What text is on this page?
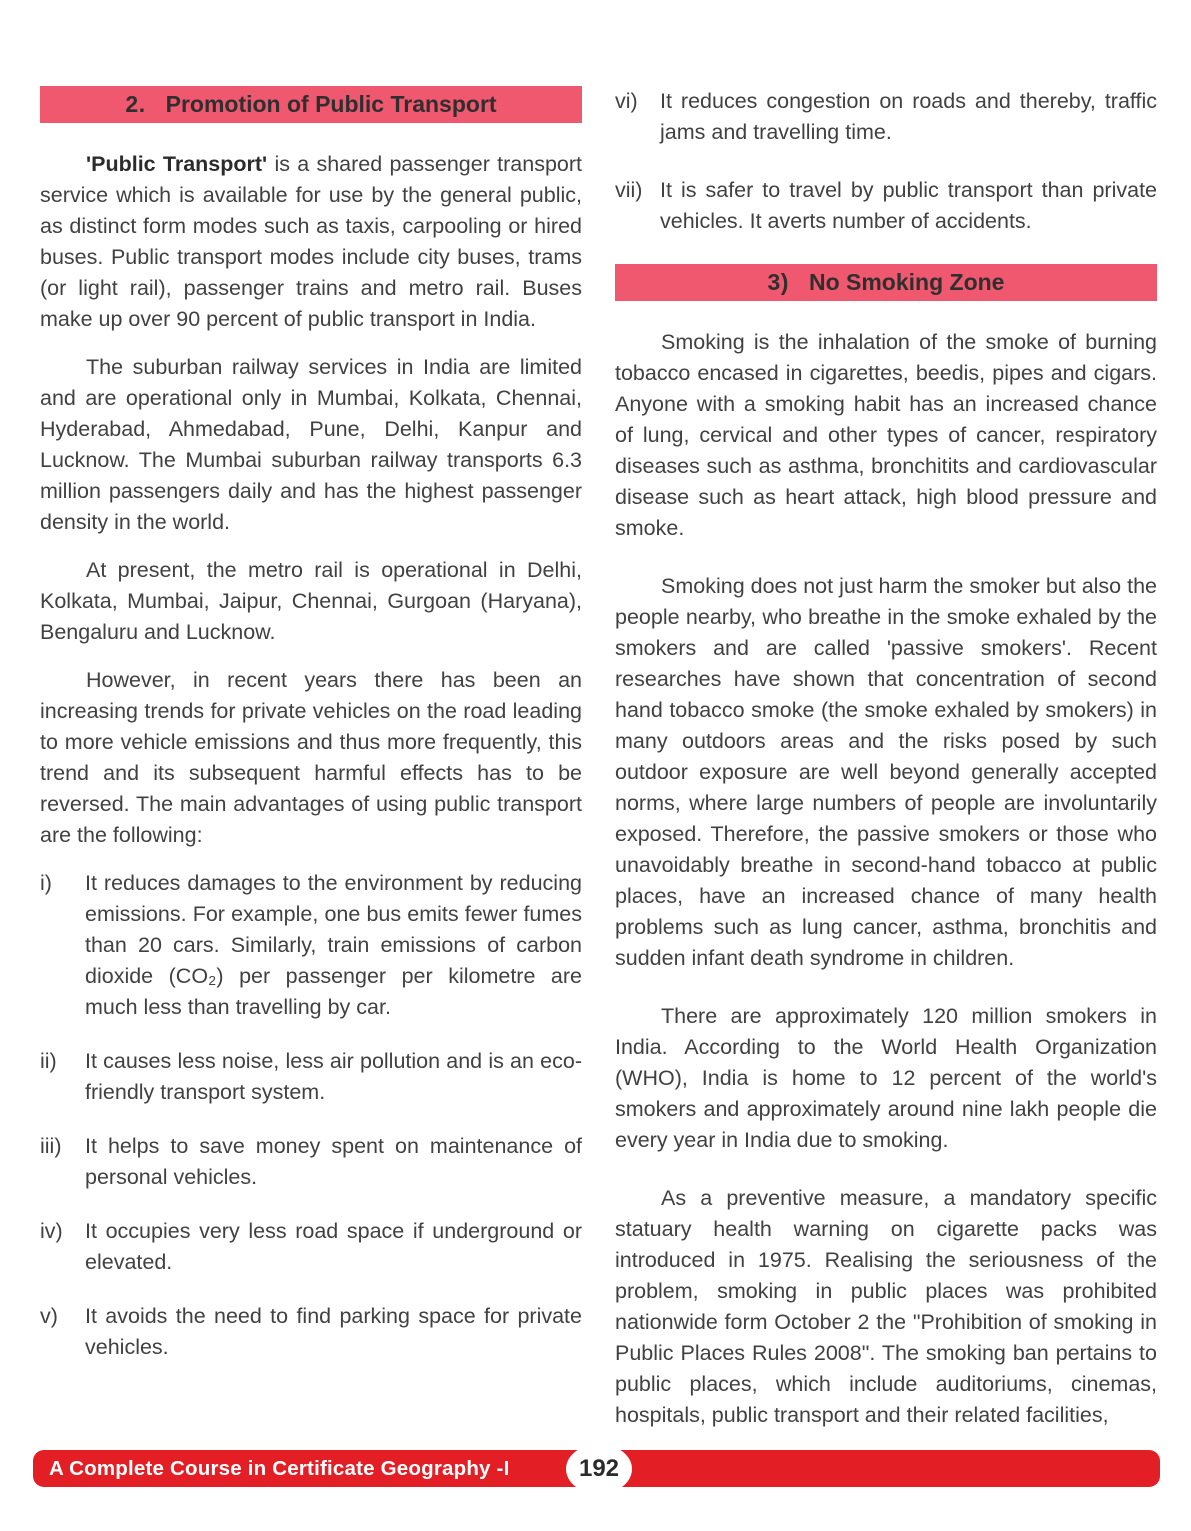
2. Promotion of Public Transport

'Public Transport' is a shared passenger transport service which is available for use by the general public, as distinct form modes such as taxis, carpooling or hired buses. Public transport modes include city buses, trams (or light rail), passenger trains and metro rail. Buses make up over 90 percent of public transport in India.

The suburban railway services in India are limited and are operational only in Mumbai, Kolkata, Chennai, Hyderabad, Ahmedabad, Pune, Delhi, Kanpur and Lucknow. The Mumbai suburban railway transports 6.3 million passengers daily and has the highest passenger density in the world.

At present, the metro rail is operational in Delhi, Kolkata, Mumbai, Jaipur, Chennai, Gurgoan (Haryana), Bengaluru and Lucknow.

However, in recent years there has been an increasing trends for private vehicles on the road leading to more vehicle emissions and thus more frequently, this trend and its subsequent harmful effects has to be reversed. The main advantages of using public transport are the following:

i) It reduces damages to the environment by reducing emissions. For example, one bus emits fewer fumes than 20 cars. Similarly, train emissions of carbon dioxide (CO₂) per passenger per kilometre are much less than travelling by car.
ii) It causes less noise, less air pollution and is an eco-friendly transport system.
iii) It helps to save money spent on maintenance of personal vehicles.
iv) It occupies very less road space if underground or elevated.
v) It avoids the need to find parking space for private vehicles.
vi) It reduces congestion on roads and thereby, traffic jams and travelling time.
vii) It is safer to travel by public transport than private vehicles. It averts number of accidents.
3) No Smoking Zone

Smoking is the inhalation of the smoke of burning tobacco encased in cigarettes, beedis, pipes and cigars. Anyone with a smoking habit has an increased chance of lung, cervical and other types of cancer, respiratory diseases such as asthma, bronchitits and cardiovascular disease such as heart attack, high blood pressure and smoke.

Smoking does not just harm the smoker but also the people nearby, who breathe in the smoke exhaled by the smokers and are called 'passive smokers'. Recent researches have shown that concentration of second hand tobacco smoke (the smoke exhaled by smokers) in many outdoors areas and the risks posed by such outdoor exposure are well beyond generally accepted norms, where large numbers of people are involuntarily exposed. Therefore, the passive smokers or those who unavoidably breathe in second-hand tobacco at public places, have an increased chance of many health problems such as lung cancer, asthma, bronchitis and sudden infant death syndrome in children.

There are approximately 120 million smokers in India. According to the World Health Organization (WHO), India is home to 12 percent of the world's smokers and approximately around nine lakh people die every year in India due to smoking.

As a preventive measure, a mandatory specific statuary health warning on cigarette packs was introduced in 1975. Realising the seriousness of the problem, smoking in public places was prohibited nationwide form October 2 the "Prohibition of smoking in Public Places Rules 2008". The smoking ban pertains to public places, which include auditoriums, cinemas, hospitals, public transport and their related facilities,

A Complete Course in Certificate Geography -I	192
